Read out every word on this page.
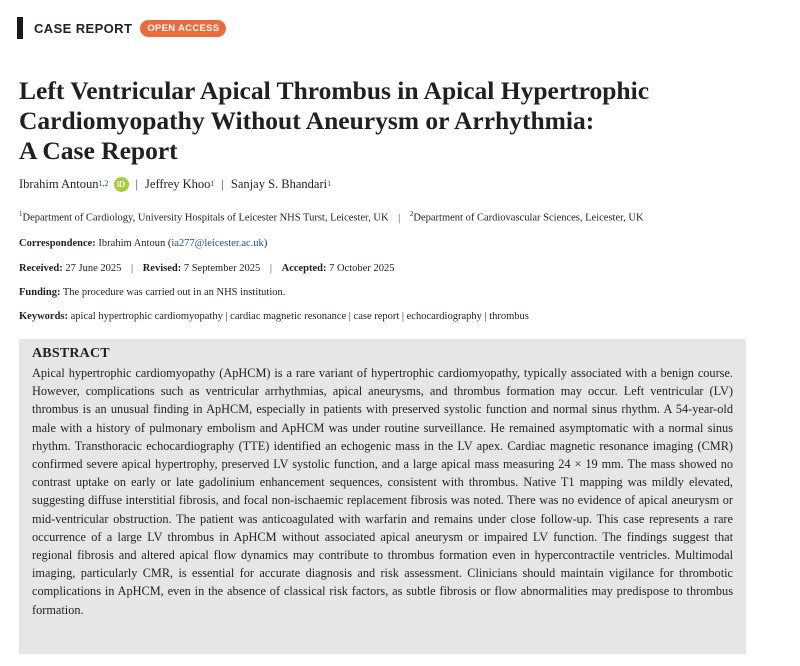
CASE REPORT	OPEN ACCESS
Left Ventricular Apical Thrombus in Apical Hypertrophic
Cardiomyopathy Without Aneurysm or Arrhythmia:
A Case Report
Ibrahim Antoun$^{1,2}$	iD | Jeffrey Khoo$^1$ | Sanjay S. Bhandari$^1$
$^1$Department of Cardiology, University Hospitals of Leicester NHS Turst, Leicester, UK | $^2$Department of Cardiovascular Sciences, Leicester, UK
Correspondence: Ibrahim Antoun (ia277@leicester.ac.uk)
Received: 27 June 2025 | Revised: 7 September 2025 | Accepted: 7 October 2025
Funding: The procedure was carried out in an NHS institution.
Keywords: apical hypertrophic cardiomyopathy | cardiac magnetic resonance | case report | echocardiography | thrombus
ABSTRACT

Apical hypertrophic cardiomyopathy (ApHCM) is a rare variant of hypertrophic cardiomyopathy, typically associated with a benign course. However, complications such as ventricular arrhythmias, apical aneurysms, and thrombus formation may occur. Left ventricular (LV) thrombus is an unusual finding in ApHCM, especially in patients with preserved systolic function and normal sinus rhythm. A 54-year-old male with a history of pulmonary embolism and ApHCM was under routine surveillance. He remained asymptomatic with a normal sinus rhythm. Transthoracic echocardiography (TTE) identified an echogenic mass in the LV apex. Cardiac magnetic resonance imaging (CMR) confirmed severe apical hypertrophy, preserved LV systolic function, and a large apical mass measuring 24 × 19 mm. The mass showed no contrast uptake on early or late gadolinium enhancement sequences, consistent with thrombus. Native T1 mapping was mildly elevated, suggesting diffuse interstitial fibrosis, and focal non-ischaemic replacement fibrosis was noted. There was no evidence of apical aneurysm or mid-ventricular obstruction. The patient was anticoagulated with warfarin and remains under close follow-up. This case represents a rare occurrence of a large LV thrombus in ApHCM without associated apical aneurysm or impaired LV function. The findings suggest that regional fibrosis and altered apical flow dynamics may contribute to thrombus formation even in hypercontractile ventricles. Multimodal imaging, particularly CMR, is essential for accurate diagnosis and risk assessment. Clinicians should maintain vigilance for thrombotic complications in ApHCM, even in the absence of classical risk factors, as subtle fibrosis or flow abnormalities may predispose to thrombus formation.
